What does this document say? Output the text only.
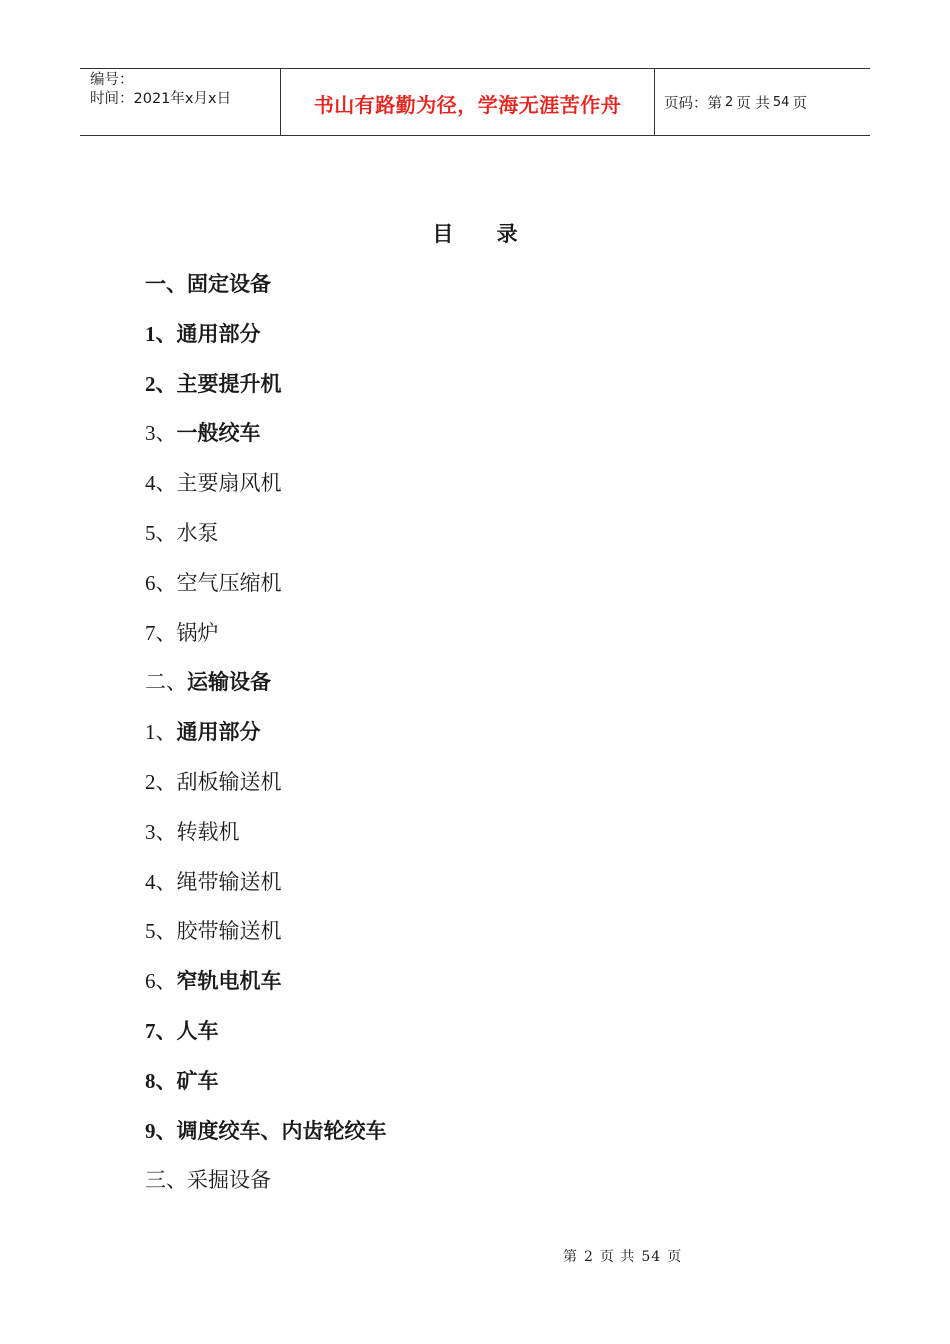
编号：
时间：2021年x月x日	书山有路勤为径，学海无涯苦作舟	页码：第 2 页 共 54 页
目 录
一、固定设备
1、通用部分
2、主要提升机
3、一般绞车
4、主要扇风机
5、水泵
6、空气压缩机
7、锅炉
二、运输设备
1、通用部分
2、刮板输送机
3、转载机
4、绳带输送机
5、胶带输送机
6、窄轨电机车
7、人车
8、矿车
9、调度绞车、内齿轮绞车
三、采掘设备
第 2 页 共 54 页
